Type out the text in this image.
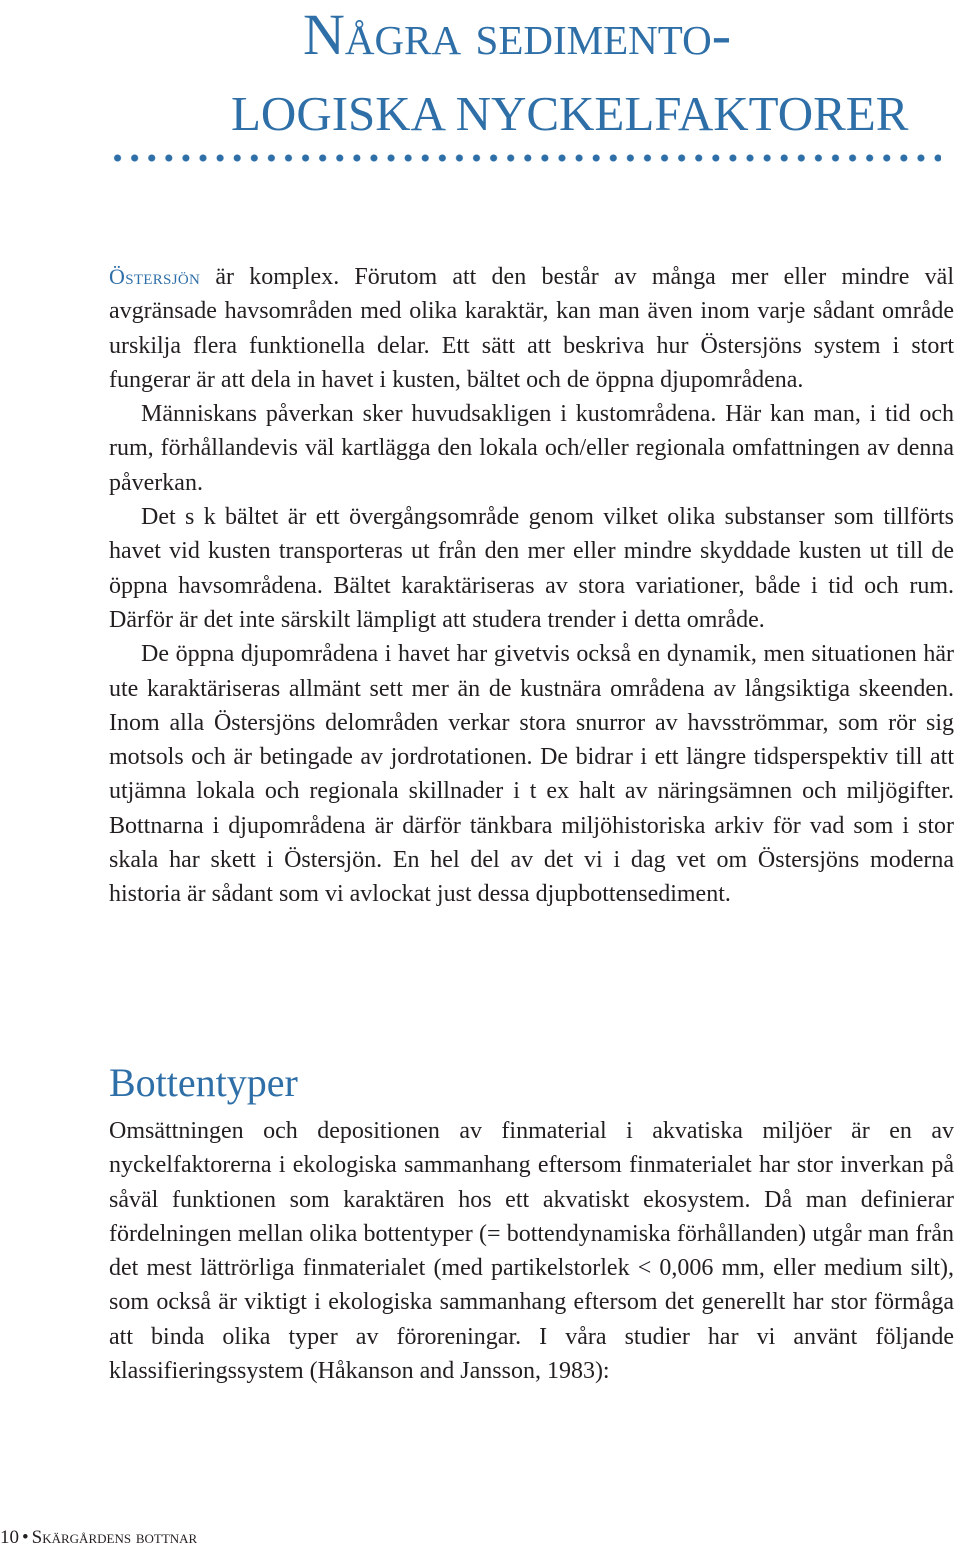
Några sedimento-
LOGISKA NYCKELFAKTORER

Östersjön är komplex. Förutom att den består av många mer eller mindre väl avgränsade havsområden med olika karaktär, kan man även inom varje sådant område urskilja flera funktionella delar. Ett sätt att beskriva hur Östersjöns system i stort fungerar är att dela in havet i kusten, bältet och de öppna djupområdena.

Människans påverkan sker huvudsakligen i kustområdena. Här kan man, i tid och rum, förhållandevis väl kartlägga den lokala och/eller regionala omfattningen av denna påverkan.

Det s k bältet är ett övergångsområde genom vilket olika substanser som tillförts havet vid kusten transporteras ut från den mer eller mindre skyddade kusten ut till de öppna havsområdena. Bältet karaktäriseras av stora variationer, både i tid och rum. Därför är det inte särskilt lämpligt att studera trender i detta område.

De öppna djupområdena i havet har givetvis också en dynamik, men situationen här ute karaktäriseras allmänt sett mer än de kustnära områdena av långsiktiga skeenden. Inom alla Östersjöns delområden verkar stora snurror av havsströmmar, som rör sig motsols och är betingade av jordrotationen. De bidrar i ett längre tidsperspektiv till att utjämna lokala och regionala skillnader i t ex halt av näringsämnen och miljögifter. Bottnarna i djupområdena är därför tänkbara miljöhistoriska arkiv för vad som i stor skala har skett i Östersjön. En hel del av det vi i dag vet om Östersjöns moderna historia är sådant som vi avlockat just dessa djupbottensediment.

Bottentyper

Omsättningen och depositionen av finmaterial i akvatiska miljöer är en av nyckelfaktorerna i ekologiska sammanhang eftersom finmaterialet har stor inverkan på såväl funktionen som karaktären hos ett akvatiskt ekosystem. Då man definierar fördelningen mellan olika bottentyper (= bottendynamiska förhållanden) utgår man från det mest lättrörliga finmaterialet (med partikelstorlek < 0,006 mm, eller medium silt), som också är viktigt i ekologiska sammanhang eftersom det generellt har stor förmåga att binda olika typer av föroreningar. I våra studier har vi använt följande klassifieringssystem (Håkanson and Jansson, 1983):

10 • Skärgårdens bottnar
